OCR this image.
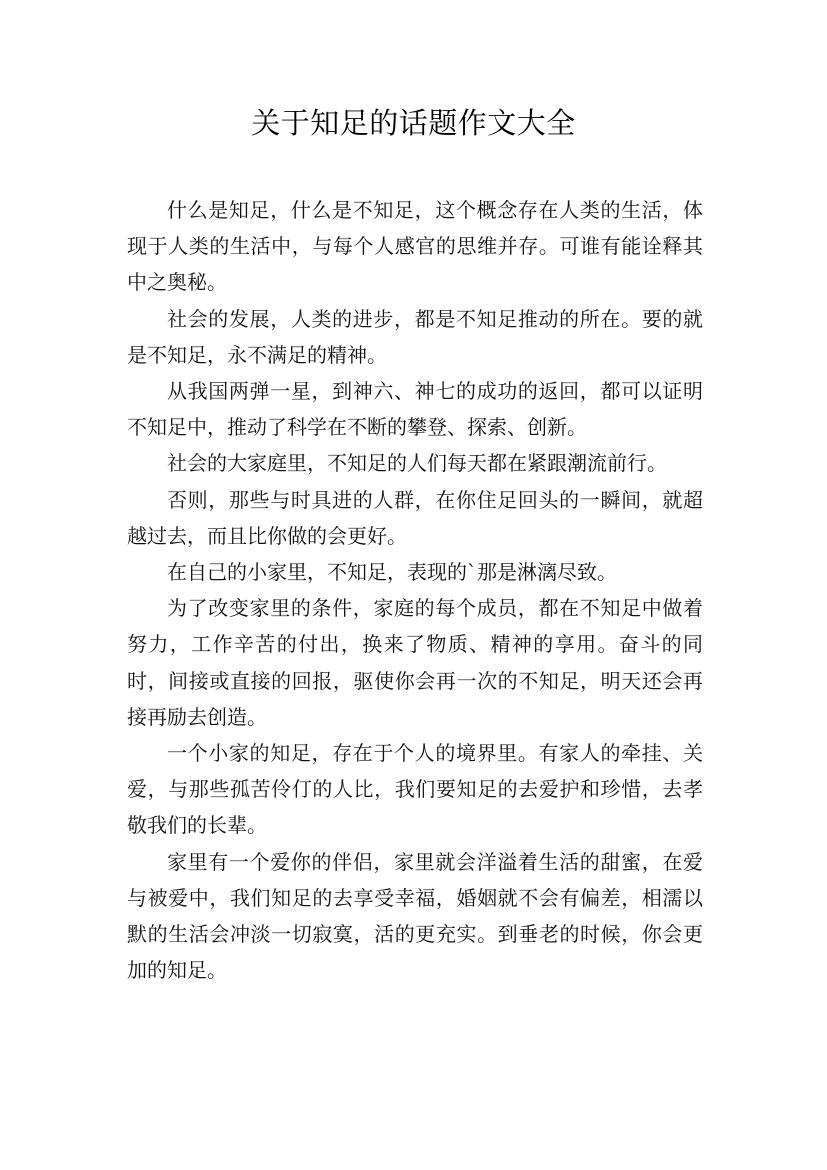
关于知足的话题作文大全

什么是知足，什么是不知足，这个概念存在人类的生活，体现于人类的生活中，与每个人感官的思维并存。可谁有能诠释其中之奥秘。

社会的发展，人类的进步，都是不知足推动的所在。要的就是不知足，永不满足的精神。

从我国两弹一星，到神六、神七的成功的返回，都可以证明不知足中，推动了科学在不断的攀登、探索、创新。

社会的大家庭里，不知足的人们每天都在紧跟潮流前行。

否则，那些与时具进的人群，在你住足回头的一瞬间，就超越过去，而且比你做的会更好。

在自己的小家里，不知足，表现的`那是淋漓尽致。

为了改变家里的条件，家庭的每个成员，都在不知足中做着努力，工作辛苦的付出，换来了物质、精神的享用。奋斗的同时，间接或直接的回报，驱使你会再一次的不知足，明天还会再接再励去创造。

一个小家的知足，存在于个人的境界里。有家人的牵挂、关爱，与那些孤苦伶仃的人比，我们要知足的去爱护和珍惜，去孝敬我们的长辈。

家里有一个爱你的伴侣，家里就会洋溢着生活的甜蜜，在爱与被爱中，我们知足的去享受幸福，婚姻就不会有偏差，相濡以默的生活会冲淡一切寂寞，活的更充实。到垂老的时候，你会更加的知足。
